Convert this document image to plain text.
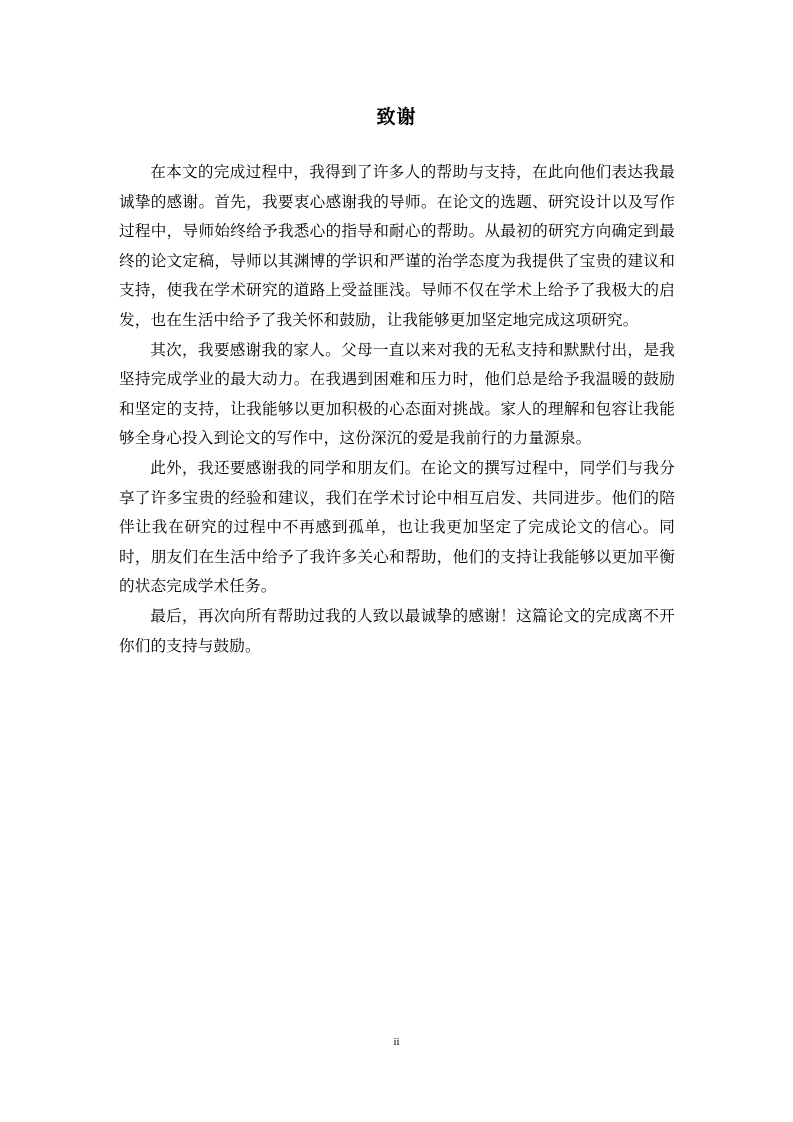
致谢

在本文的完成过程中，我得到了许多人的帮助与支持，在此向他们表达我最诚挚的感谢。首先，我要衷心感谢我的导师。在论文的选题、研究设计以及写作过程中，导师始终给予我悉心的指导和耐心的帮助。从最初的研究方向确定到最终的论文定稿，导师以其渊博的学识和严谨的治学态度为我提供了宝贵的建议和支持，使我在学术研究的道路上受益匪浅。导师不仅在学术上给予了我极大的启发，也在生活中给予了我关怀和鼓励，让我能够更加坚定地完成这项研究。

其次，我要感谢我的家人。父母一直以来对我的无私支持和默默付出，是我坚持完成学业的最大动力。在我遇到困难和压力时，他们总是给予我温暖的鼓励和坚定的支持，让我能够以更加积极的心态面对挑战。家人的理解和包容让我能够全身心投入到论文的写作中，这份深沉的爱是我前行的力量源泉。

此外，我还要感谢我的同学和朋友们。在论文的撰写过程中，同学们与我分享了许多宝贵的经验和建议，我们在学术讨论中相互启发、共同进步。他们的陪伴让我在研究的过程中不再感到孤单，也让我更加坚定了完成论文的信心。同时，朋友们在生活中给予了我许多关心和帮助，他们的支持让我能够以更加平衡的状态完成学术任务。

最后，再次向所有帮助过我的人致以最诚挚的感谢！这篇论文的完成离不开你们的支持与鼓励。

ii
